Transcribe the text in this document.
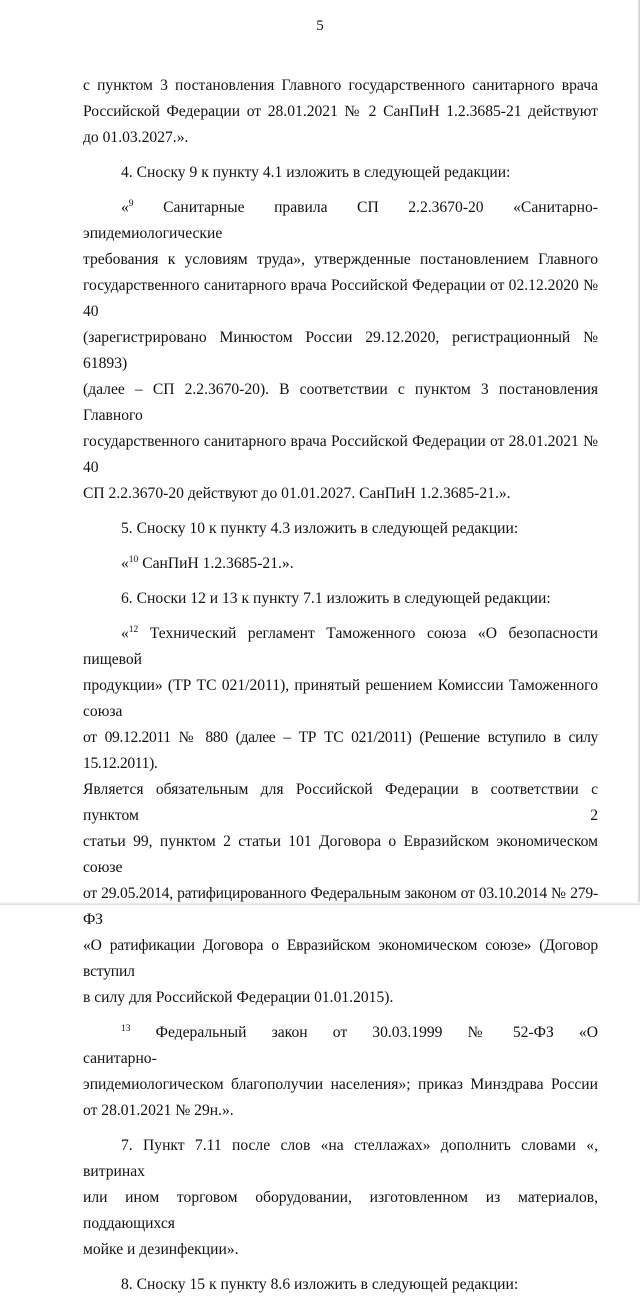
5

с пунктом 3 постановления Главного государственного санитарного врача

Российской Федерации от 28.01.2021 № 2 СанПиН 1.2.3685-21 действуют

до 01.03.2027.».

4. Сноску 9 к пункту 4.1 изложить в следующей редакции:

«$^9$ Санитарные правила СП 2.2.3670-20 «Санитарно-эпидемиологические

требования к условиям труда», утвержденные постановлением Главного

государственного санитарного врача Российской Федерации от 02.12.2020 № 40

(зарегистрировано Минюстом России 29.12.2020, регистрационный № 61893)

(далее – СП 2.2.3670-20). В соответствии с пунктом 3 постановления Главного

государственного санитарного врача Российской Федерации от 28.01.2021 № 40

СП 2.2.3670-20 действуют до 01.01.2027. СанПиН 1.2.3685-21.».

5. Сноску 10 к пункту 4.3 изложить в следующей редакции:

«$^{10}$ СанПиН 1.2.3685-21.».

6. Сноски 12 и 13 к пункту 7.1 изложить в следующей редакции:

«$^{12}$ Технический регламент Таможенного союза «О безопасности пищевой

продукции» (ТР ТС 021/2011), принятый решением Комиссии Таможенного союза

от 09.12.2011 № 880 (далее – ТР ТС 021/2011) (Решение вступило в силу 15.12.2011).

Является обязательным для Российской Федерации в соответствии с пунктом 2

статьи 99, пунктом 2 статьи 101 Договора о Евразийском экономическом союзе

от 29.05.2014, ратифицированного Федеральным законом от 03.10.2014 № 279-ФЗ

«О ратификации Договора о Евразийском экономическом союзе» (Договор вступил

в силу для Российской Федерации 01.01.2015).

$^{13}$ Федеральный закон от 30.03.1999 № 52-ФЗ «О санитарно-

эпидемиологическом благополучии населения»; приказ Минздрава России

от 28.01.2021 № 29н.».

7. Пункт 7.11 после слов «на стеллажах» дополнить словами «, витринах

или ином торговом оборудовании, изготовленном из материалов, поддающихся

мойке и дезинфекции».

8. Сноску 15 к пункту 8.6 изложить в следующей редакции:
